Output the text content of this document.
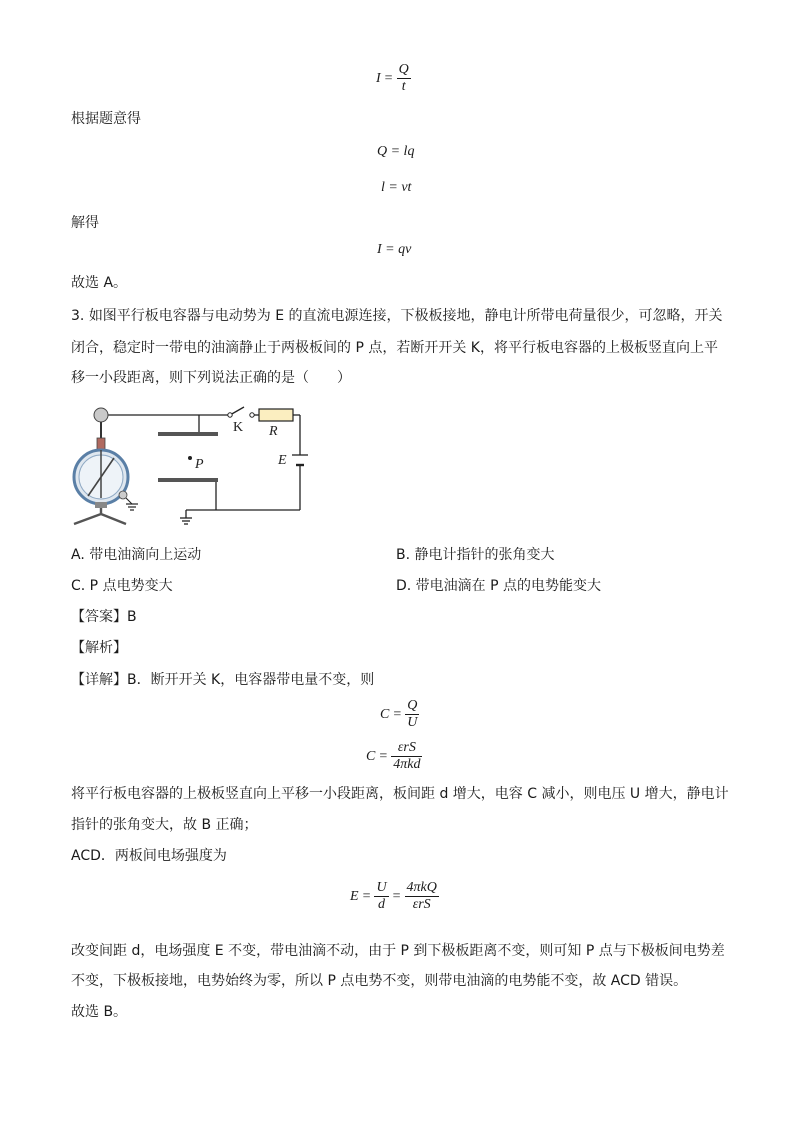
$I = \frac{Q}{t}$
根据题意得
Q = lq
l = vt
解得
I = qv
故选 A。
3. 如图平行板电容器与电动势为 E 的直流电源连接，下极板接地，静电计所带电荷量很少，可忽略，开关
闭合，稳定时一带电的油滴静止于两极板间的 P 点，若断开开关 K，将平行板电容器的上极板竖直向上平
移一小段距离，则下列说法正确的是（　　）
K R
E
P
A. 带电油滴向上运动	B. 静电计指针的张角变大
C. P 点电势变大	D. 带电油滴在 P 点的电势能变大
【答案】B
【解析】
【详解】B．断开开关 K，电容器带电量不变，则
$C = \frac{Q}{U}$
$C = \frac{\text{εrS}}{\text{4πkd}}$
将平行板电容器的上极板竖直向上平移一小段距离，板间距 d 增大，电容 C 减小，则电压 U 增大，静电计
指针的张角变大，故 B 正确；
ACD．两板间电场强度为
$E = \frac{U}{d} = \frac{\text{4πkQ}}{\text{εrS}}$
改变间距 d，电场强度 E 不变，带电油滴不动，由于 P 到下极板距离不变，则可知 P 点与下极板间电势差
不变，下极板接地，电势始终为零，所以 P 点电势不变，则带电油滴的电势能不变，故 ACD 错误。
故选 B。
